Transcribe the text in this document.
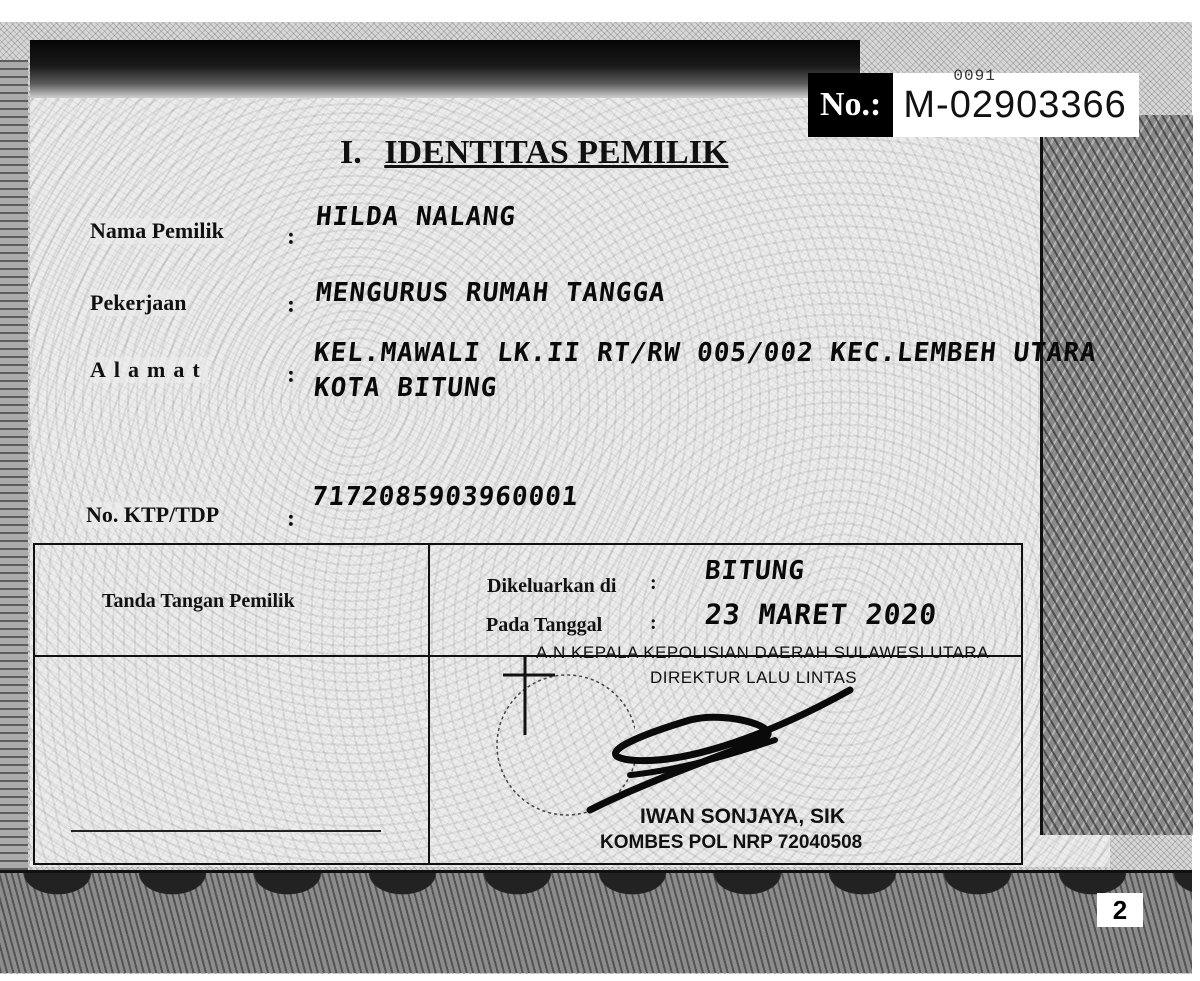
No.:
0091
M-02903366
I. IDENTITAS PEMILIK
Nama Pemilik	:
HILDA NALANG
Pekerjaan	: MENGURUS RUMAH TANGGA
Alamat	:
KEL.MAWALI LK.II RT/RW 005/002 KEC.LEMBEH UTARA
KOTA BITUNG
No. KTP/TDP	:
7172085903960001
Tanda Tangan Pemilik
Dikeluarkan di : BITUNG
Pada Tanggal : 23 MARET 2020
A.N KEPALA KEPOLISIAN DAERAH SULAWESI UTARA
DIREKTUR LALU LINTAS
IWAN SONJAYA, SIK
KOMBES POL NRP 72040508
2
